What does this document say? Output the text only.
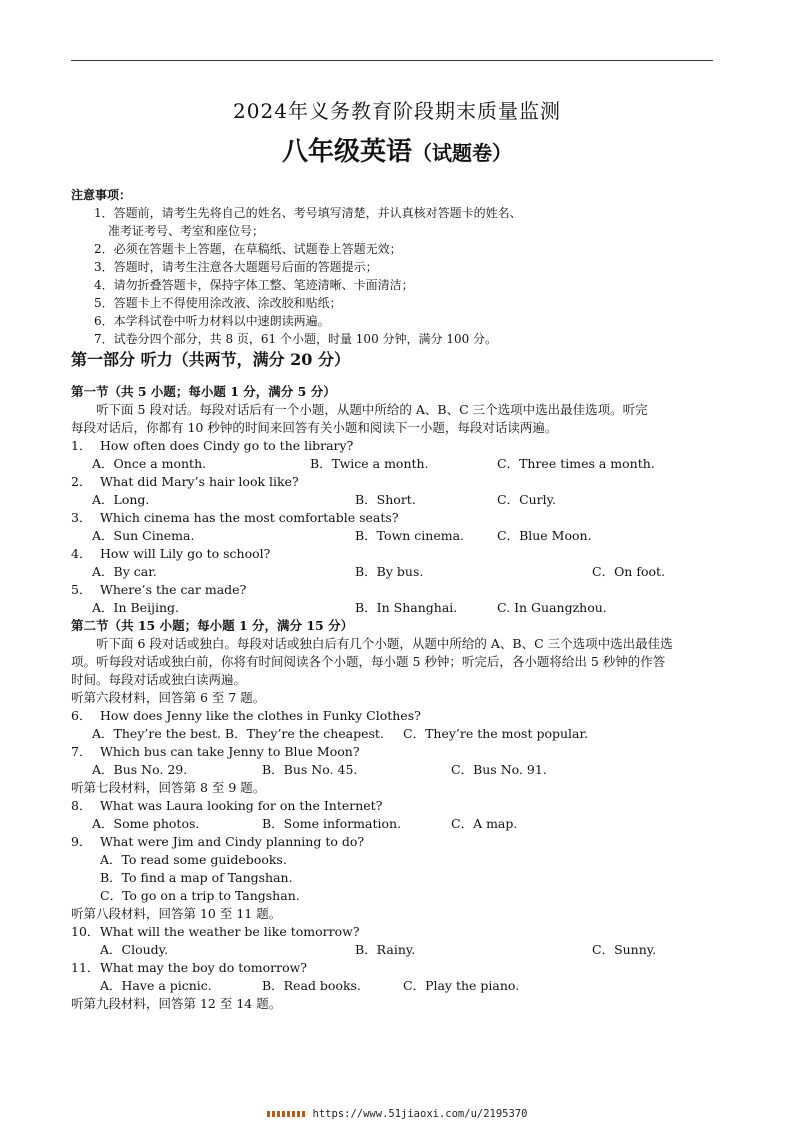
2024年义务教育阶段期末质量监测
八年级英语（试题卷）
注意事项：
1．答题前，请考生先将自己的姓名、考号填写清楚，并认真核对答题卡的姓名、
准考证考号、考室和座位号；
2．必须在答题卡上答题，在草稿纸、试题卷上答题无效；
3．答题时，请考生注意各大题题号后面的答题提示；
4．请勿折叠答题卡，保持字体工整、笔迹清晰、卡面清洁；
5．答题卡上不得使用涂改液、涂改胶和贴纸；
6．本学科试卷中听力材料以中速朗读两遍。
7．试卷分四个部分，共 8 页，61 个小题，时量 100 分钟，满分 100 分。
第一部分 听力（共两节，满分 20 分）
第一节（共 5 小题；每小题 1 分，满分 5 分）
听下面 5 段对话。每段对话后有一个小题，从题中所给的 A、B、C 三个选项中选出最佳选项。听完
每段对话后，你都有 10 秒钟的时间来回答有关小题和阅读下一小题，每段对话读两遍。
1． How often does Cindy go to the library?
A．Once a month.	B．Twice a month.	C．Three times a month.
2． What did Mary’s hair look like?
A．Long.	B．Short.	C．Curly.
3． Which cinema has the most comfortable seats?
A．Sun Cinema.	B．Town cinema.	C．Blue Moon.
4． How will Lily go to school?
A．By car.	B．By bus.	C．On foot.
5． Where’s the car made?
A．In Beijing.	B．In Shanghai.	C. In Guangzhou.
第二节（共 15 小题；每小题 1 分，满分 15 分）
听下面 6 段对话或独白。每段对话或独白后有几个小题，从题中所给的 A、B、C 三个选项中选出最佳选
项。听每段对话或独白前，你将有时间阅读各个小题，每小题 5 秒钟；听完后，各小题将给出 5 秒钟的作答
时间。每段对话或独白读两遍。
听第六段材料，回答第 6 至 7 题。
6． How does Jenny like the clothes in Funky Clothes?
A．They’re the best. B．They’re the cheapest. C．They’re the most popular.
7． Which bus can take Jenny to Blue Moon?
A．Bus No. 29.	B．Bus No. 45.	C．Bus No. 91.
听第七段材料，回答第 8 至 9 题。
8． What was Laura looking for on the Internet?
A．Some photos.	B．Some information.	C．A map.
9． What were Jim and Cindy planning to do?
A．To read some guidebooks.
B．To find a map of Tangshan.
C．To go on a trip to Tangshan.
听第八段材料，回答第 10 至 11 题。
10． What will the weather be like tomorrow?
A．Cloudy.	B．Rainy.	C．Sunny.
11． What may the boy do tomorrow?
A．Have a picnic.	B．Read books.	C．Play the piano.
听第九段材料，回答第 12 至 14 题。
https://www.51jiaoxi.com/u/2195370
